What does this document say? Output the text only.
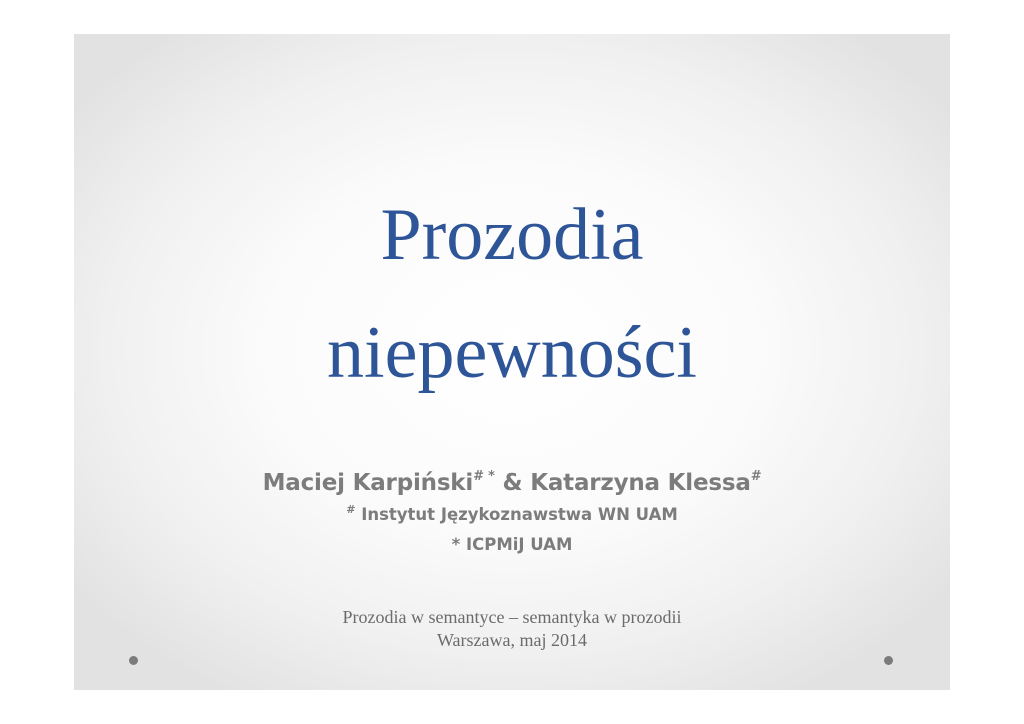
Prozodia
niepewności
Maciej Karpiński# * & Katarzyna Klessa#
# Instytut Językoznawstwa WN UAM
* ICPMiJ UAM
Prozodia w semantyce – semantyka w prozodii
Warszawa, maj 2014
